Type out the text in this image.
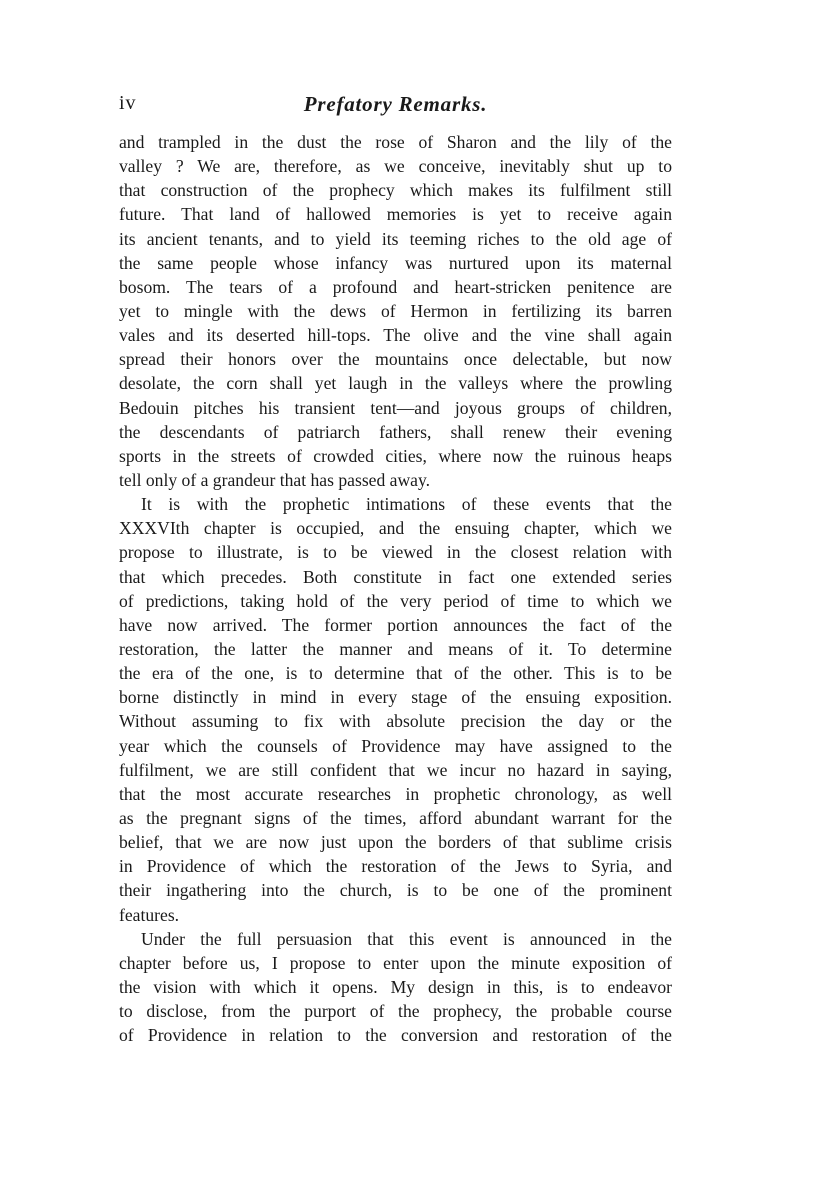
iv	Prefatory Remarks.
and trampled in the dust the rose of Sharon and the lily of the
valley ? We are, therefore, as we conceive, inevitably shut up to
that construction of the prophecy which makes its fulfilment still
future. That land of hallowed memories is yet to receive again
its ancient tenants, and to yield its teeming riches to the old age of
the same people whose infancy was nurtured upon its maternal
bosom. The tears of a profound and heart-stricken penitence are
yet to mingle with the dews of Hermon in fertilizing its barren
vales and its deserted hill-tops. The olive and the vine shall again
spread their honors over the mountains once delectable, but now
desolate, the corn shall yet laugh in the valleys where the prowling
Bedouin pitches his transient tent—and joyous groups of children,
the descendants of patriarch fathers, shall renew their evening
sports in the streets of crowded cities, where now the ruinous heaps
tell only of a grandeur that has passed away.
It is with the prophetic intimations of these events that the
XXXVIth chapter is occupied, and the ensuing chapter, which we
propose to illustrate, is to be viewed in the closest relation with
that which precedes. Both constitute in fact one extended series
of predictions, taking hold of the very period of time to which we
have now arrived. The former portion announces the fact of the
restoration, the latter the manner and means of it. To determine
the era of the one, is to determine that of the other. This is to be
borne distinctly in mind in every stage of the ensuing exposition.
Without assuming to fix with absolute precision the day or the
year which the counsels of Providence may have assigned to the
fulfilment, we are still confident that we incur no hazard in saying,
that the most accurate researches in prophetic chronology, as well
as the pregnant signs of the times, afford abundant warrant for the
belief, that we are now just upon the borders of that sublime crisis
in Providence of which the restoration of the Jews to Syria, and
their ingathering into the church, is to be one of the prominent
features.
Under the full persuasion that this event is announced in the
chapter before us, I propose to enter upon the minute exposition of
the vision with which it opens. My design in this, is to endeavor
to disclose, from the purport of the prophecy, the probable course
of Providence in relation to the conversion and restoration of the
